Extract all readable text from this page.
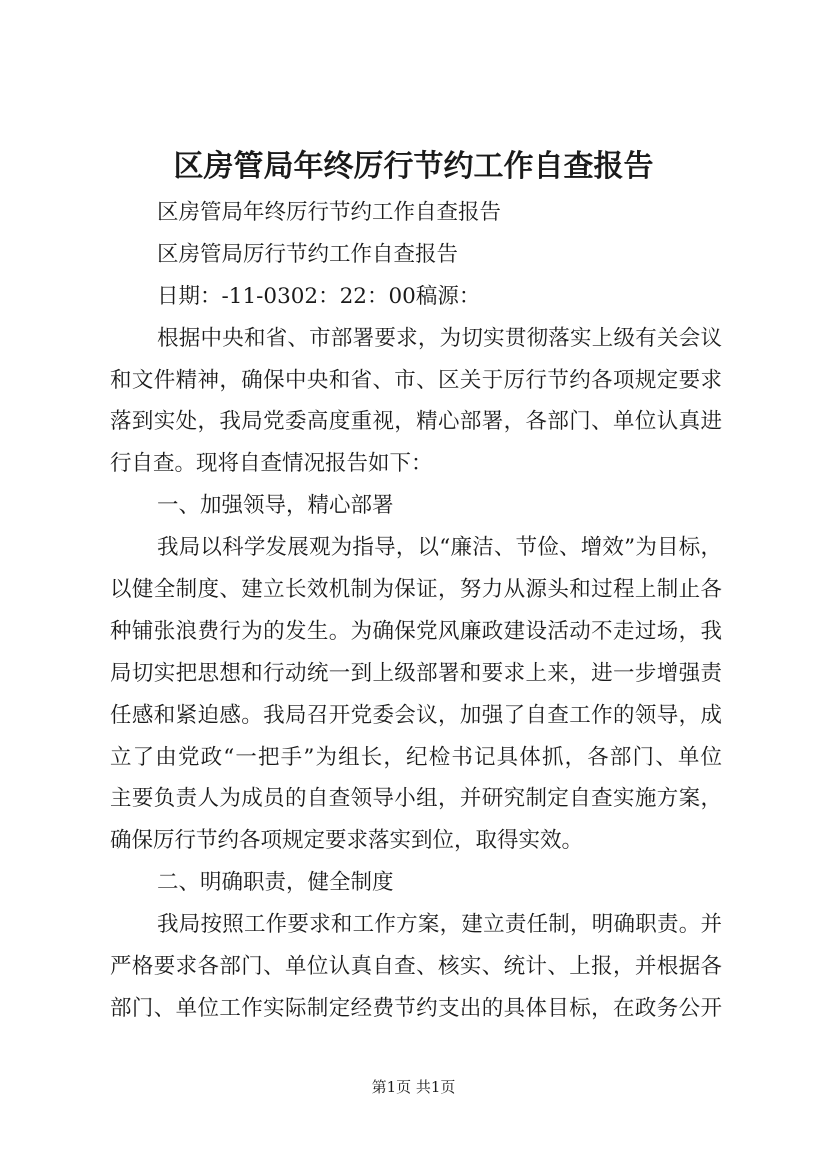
区房管局年终厉行节约工作自查报告
区房管局年终厉行节约工作自查报告
区房管局厉行节约工作自查报告
日期：-11-0302：22：00稿源：
根据中央和省、市部署要求，为切实贯彻落实上级有关会议
和文件精神，确保中央和省、市、区关于厉行节约各项规定要求
落到实处，我局党委高度重视，精心部署，各部门、单位认真进
行自查。现将自查情况报告如下：
一、加强领导，精心部署
我局以科学发展观为指导，以“廉洁、节俭、增效”为目标，
以健全制度、建立长效机制为保证，努力从源头和过程上制止各
种铺张浪费行为的发生。为确保党风廉政建设活动不走过场，我
局切实把思想和行动统一到上级部署和要求上来，进一步增强责
任感和紧迫感。我局召开党委会议，加强了自查工作的领导，成
立了由党政“一把手”为组长，纪检书记具体抓，各部门、单位
主要负责人为成员的自查领导小组，并研究制定自查实施方案，
确保厉行节约各项规定要求落实到位，取得实效。
二、明确职责，健全制度
我局按照工作要求和工作方案，建立责任制，明确职责。并
严格要求各部门、单位认真自查、核实、统计、上报，并根据各
部门、单位工作实际制定经费节约支出的具体目标，在政务公开
第1页 共1页
